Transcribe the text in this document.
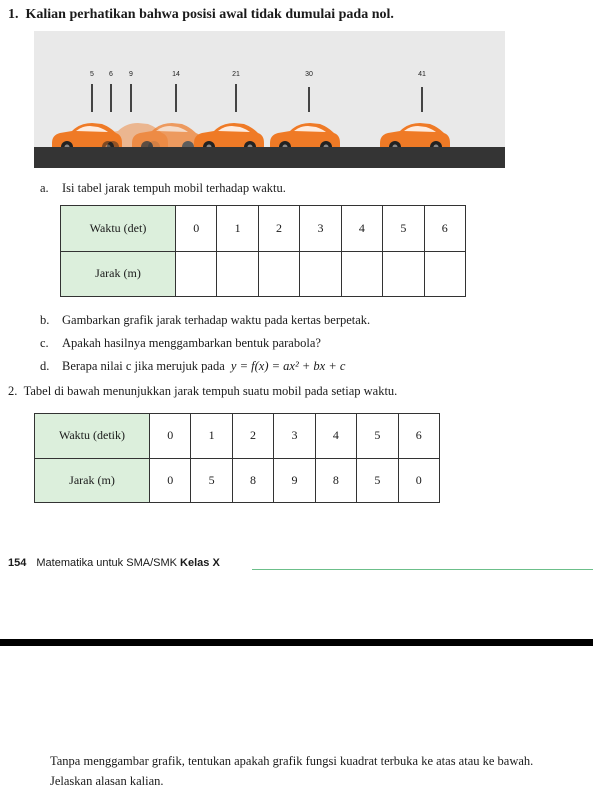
1.  Kalian perhatikan bahwa posisi awal tidak dumulai pada nol.
5 6 9	14	21	30	41
a. Isi tabel jarak tempuh mobil terhadap waktu.
Waktu (det)	0	1	2	3	4	5	6
Jarak (m)							
b. Gambarkan grafik jarak terhadap waktu pada kertas berpetak.
c. Apakah hasilnya menggambarkan bentuk parabola?
d. Berapa nilai c jika merujuk pada y = f(x) = ax² + bx + c
2.  Tabel di bawah menunjukkan jarak tempuh suatu mobil pada setiap waktu.
Waktu (detik)	0	1	2	3	4	5	6
Jarak (m)	0	5	8	9	8	5	0
154 Matematika untuk SMA/SMK Kelas X
Tanpa menggambar grafik, tentukan apakah grafik fungsi kuadrat terbuka ke atas atau ke bawah. Jelaskan alasan kalian.
